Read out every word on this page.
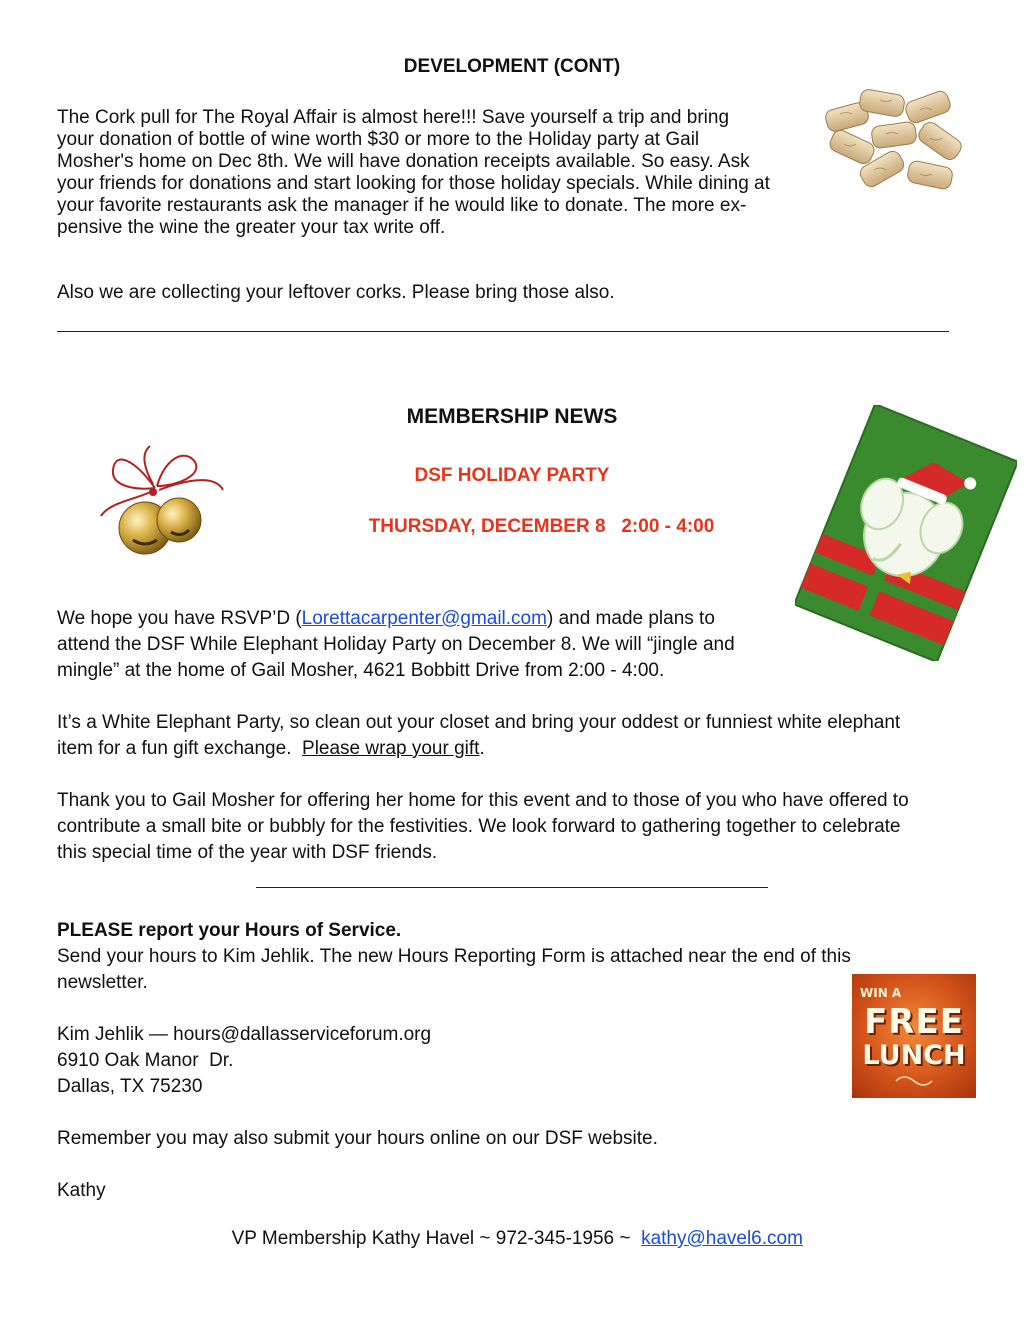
DEVELOPMENT (CONT)

The Cork pull for The Royal Affair is almost here!!! Save yourself a trip and bring

your donation of bottle of wine worth $30 or more to the Holiday party at Gail

Mosher's home on Dec 8th. We will have donation receipts available. So easy. Ask

your friends for donations and start looking for those holiday specials. While dining at

your favorite restaurants ask the manager if he would like to donate. The more ex-

pensive the wine the greater your tax write off.

Also we are collecting your leftover corks. Please bring those also.

MEMBERSHIP NEWS
DSF HOLIDAY PARTY
THURSDAY, DECEMBER 8   2:00 - 4:00

We hope you have RSVP’D (Lorettacarpenter@gmail.com) and made plans to

attend the DSF While Elephant Holiday Party on December 8. We will “jingle and

mingle” at the home of Gail Mosher, 4621 Bobbitt Drive from 2:00 - 4:00.

It’s a White Elephant Party, so clean out your closet and bring your oddest or funniest white elephant

item for a fun gift exchange.  Please wrap your gift.

Thank you to Gail Mosher for offering her home for this event and to those of you who have offered to

contribute a small bite or bubbly for the festivities. We look forward to gathering together to celebrate

this special time of the year with DSF friends.

PLEASE report your Hours of Service.

Send your hours to Kim Jehlik. The new Hours Reporting Form is attached near the end of this

newsletter.

Kim Jehlik — hours@dallasserviceforum.org

6910 Oak Manor  Dr.

Dallas, TX 75230

WIN A
FREE
LUNCH

Remember you may also submit your hours online on our DSF website.

Kathy

VP Membership Kathy Havel ~ 972-345-1956 ~  kathy@havel6.com
